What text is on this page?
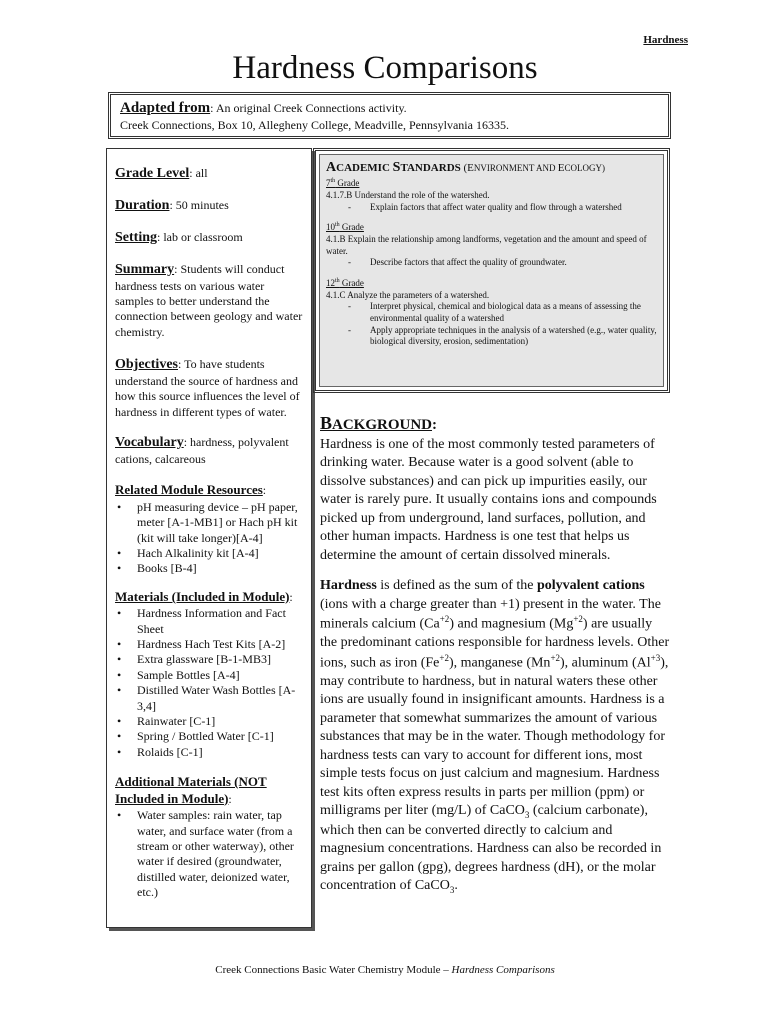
Hardness
Hardness Comparisons
Adapted from: An original Creek Connections activity.
Creek Connections, Box 10, Allegheny College, Meadville, Pennsylvania 16335.
Grade Level: all
Duration: 50 minutes
Setting: lab or classroom
Summary: Students will conduct hardness tests on various water samples to better understand the connection between geology and water chemistry.
Objectives: To have students understand the source of hardness and how this source influences the level of hardness in different types of water.
Vocabulary: hardness, polyvalent cations, calcareous
Related Module Resources:
• pH measuring device – pH paper, meter [A-1-MB1] or Hach pH kit (kit will take longer)[A-4]
• Hach Alkalinity kit [A-4]
• Books [B-4]
Materials (Included in Module):
• Hardness Information and Fact Sheet
• Hardness Hach Test Kits [A-2]
• Extra glassware [B-1-MB3]
• Sample Bottles [A-4]
• Distilled Water Wash Bottles [A-3,4]
• Rainwater [C-1]
• Spring / Bottled Water [C-1]
• Rolaids [C-1]
Additional Materials (NOT Included in Module):
• Water samples: rain water, tap water, and surface water (from a stream or other waterway), other water if desired (groundwater, distilled water, deionized water, etc.)
ACADEMIC STANDARDS (ENVIRONMENT AND ECOLOGY)
7th Grade
4.1.7.B Understand the role of the watershed.
- Explain factors that affect water quality and flow through a watershed
10th Grade
4.1.B Explain the relationship among landforms, vegetation and the amount and speed of water.
- Describe factors that affect the quality of groundwater.
12th Grade
4.1.C Analyze the parameters of a watershed.
- Interpret physical, chemical and biological data as a means of assessing the environmental quality of a watershed
- Apply appropriate techniques in the analysis of a watershed (e.g., water quality, biological diversity, erosion, sedimentation)
BACKGROUND:

Hardness is one of the most commonly tested parameters of drinking water. Because water is a good solvent (able to dissolve substances) and can pick up impurities easily, our water is rarely pure. It usually contains ions and compounds picked up from underground, land surfaces, pollution, and other human impacts. Hardness is one test that helps us determine the amount of certain dissolved minerals.

Hardness is defined as the sum of the polyvalent cations (ions with a charge greater than +1) present in the water. The minerals calcium $(Ca^{+2})$ and magnesium $(Mg^{+2})$ are usually the predominant cations responsible for hardness levels. Other ions, such as iron $(Fe^{+2})$, manganese $(Mn^{+2})$, aluminum $(Al^{+3})$, may contribute to hardness, but in natural waters these other ions are usually found in insignificant amounts. Hardness is a parameter that somewhat summarizes the amount of various substances that may be in the water. Though methodology for hardness tests can vary to account for different ions, most simple tests focus on just calcium and magnesium. Hardness test kits often express results in parts per million (ppm) or milligrams per liter (mg/L) of CaCO$_3$ (calcium carbonate), which then can be converted directly to calcium and magnesium concentrations. Hardness can also be recorded in grains per gallon (gpg), degrees hardness (dH), or the molar concentration of CaCO$_3$.

Creek Connections Basic Water Chemistry Module – Hardness Comparisons
